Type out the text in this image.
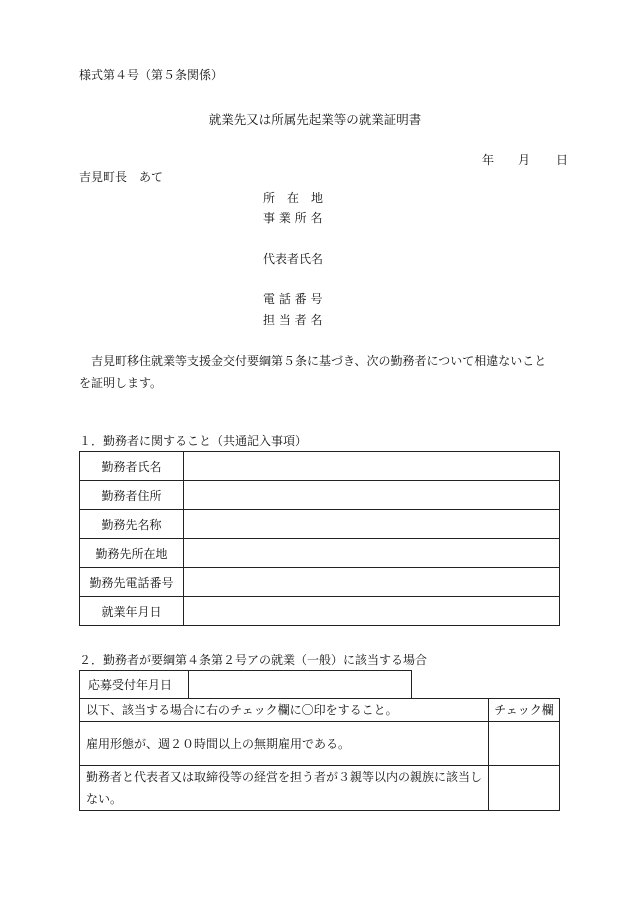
様式第４号（第５条関係）
就業先又は所属先起業等の就業証明書
年 月 日
吉見町長　あて
所　在　地
事 業 所 名
代表者氏名
電 話 番 号
担 当 者 名
吉見町移住就業等支援金交付要綱第５条に基づき、次の勤務者について相違ないことを証明します。
１．勤務者に関すること（共通記入事項）
勤務者氏名	
勤務者住所	
勤務先名称	
勤務先所在地	
勤務先電話番号	
就業年月日	
２．勤務者が要綱第４条第２号アの就業（一般）に該当する場合
応募受付年月日	
以下、該当する場合に右のチェック欄に〇印をすること。	チェック欄
雇用形態が、週２０時間以上の無期雇用である。	
勤務者と代表者又は取締役等の経営を担う者が３親等以内の親族に該当しない。	
